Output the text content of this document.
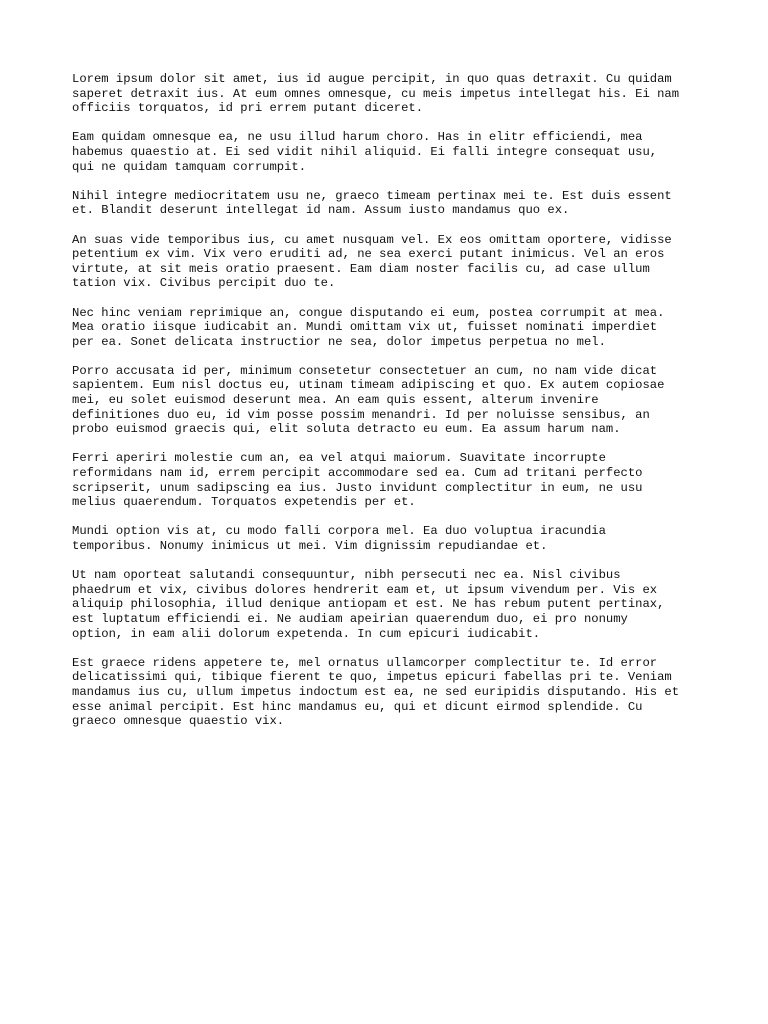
Lorem ipsum dolor sit amet, ius id augue percipit, in quo quas detraxit. Cu quidam
saperet detraxit ius. At eum omnes omnesque, cu meis impetus intellegat his. Ei nam
officiis torquatos, id pri errem putant diceret.

Eam quidam omnesque ea, ne usu illud harum choro. Has in elitr efficiendi, mea
habemus quaestio at. Ei sed vidit nihil aliquid. Ei falli integre consequat usu,
qui ne quidam tamquam corrumpit.

Nihil integre mediocritatem usu ne, graeco timeam pertinax mei te. Est duis essent
et. Blandit deserunt intellegat id nam. Assum iusto mandamus quo ex.

An suas vide temporibus ius, cu amet nusquam vel. Ex eos omittam oportere, vidisse
petentium ex vim. Vix vero eruditi ad, ne sea exerci putant inimicus. Vel an eros
virtute, at sit meis oratio praesent. Eam diam noster facilis cu, ad case ullum
tation vix. Civibus percipit duo te.

Nec hinc veniam reprimique an, congue disputando ei eum, postea corrumpit at mea.
Mea oratio iisque iudicabit an. Mundi omittam vix ut, fuisset nominati imperdiet
per ea. Sonet delicata instructior ne sea, dolor impetus perpetua no mel.

Porro accusata id per, minimum consetetur consectetuer an cum, no nam vide dicat
sapientem. Eum nisl doctus eu, utinam timeam adipiscing et quo. Ex autem copiosae
mei, eu solet euismod deserunt mea. An eam quis essent, alterum invenire
definitiones duo eu, id vim posse possim menandri. Id per noluisse sensibus, an
probo euismod graecis qui, elit soluta detracto eu eum. Ea assum harum nam.

Ferri aperiri molestie cum an, ea vel atqui maiorum. Suavitate incorrupte
reformidans nam id, errem percipit accommodare sed ea. Cum ad tritani perfecto
scripserit, unum sadipscing ea ius. Justo invidunt complectitur in eum, ne usu
melius quaerendum. Torquatos expetendis per et.

Mundi option vis at, cu modo falli corpora mel. Ea duo voluptua iracundia
temporibus. Nonumy inimicus ut mei. Vim dignissim repudiandae et.

Ut nam oporteat salutandi consequuntur, nibh persecuti nec ea. Nisl civibus
phaedrum et vix, civibus dolores hendrerit eam et, ut ipsum vivendum per. Vis ex
aliquip philosophia, illud denique antiopam et est. Ne has rebum putent pertinax,
est luptatum efficiendi ei. Ne audiam apeirian quaerendum duo, ei pro nonumy
option, in eam alii dolorum expetenda. In cum epicuri iudicabit.

Est graece ridens appetere te, mel ornatus ullamcorper complectitur te. Id error
delicatissimi qui, tibique fierent te quo, impetus epicuri fabellas pri te. Veniam
mandamus ius cu, ullum impetus indoctum est ea, ne sed euripidis disputando. His et
esse animal percipit. Est hinc mandamus eu, qui et dicunt eirmod splendide. Cu
graeco omnesque quaestio vix.
